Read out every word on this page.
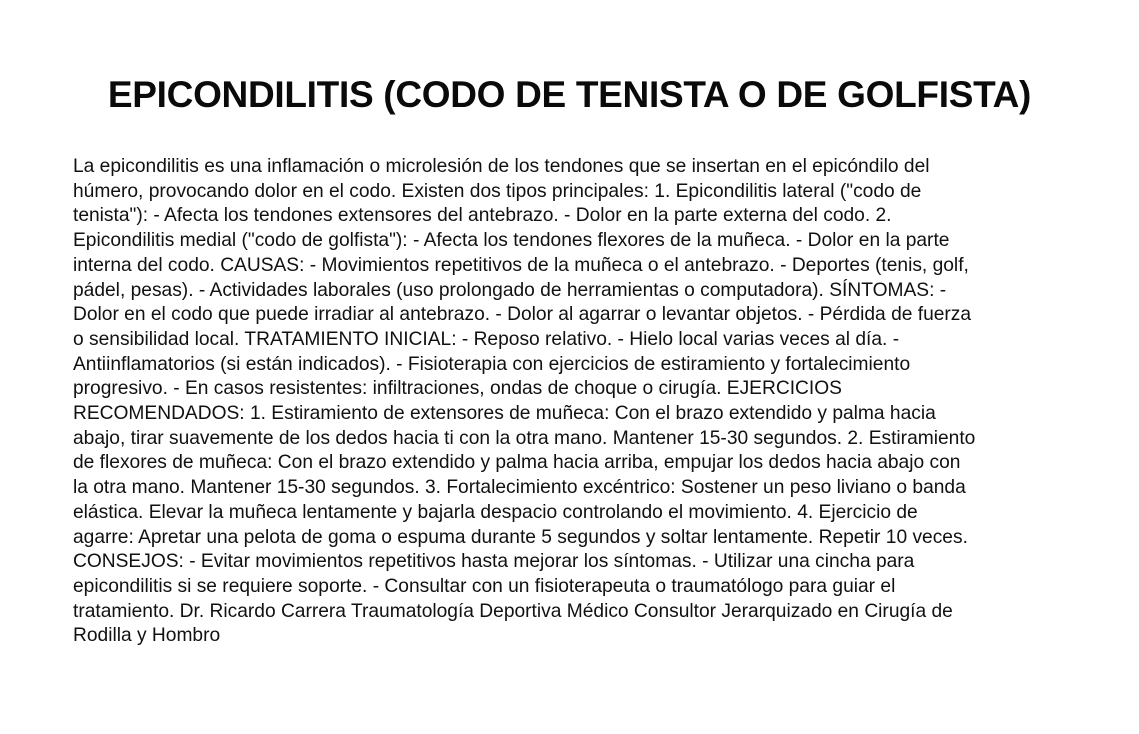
EPICONDILITIS (CODO DE TENISTA O DE GOLFISTA)
La epicondilitis es una inflamación o microlesión de los tendones que se insertan en el epicóndilo del
húmero, provocando dolor en el codo. Existen dos tipos principales: 1. Epicondilitis lateral ("codo de
tenista"): - Afecta los tendones extensores del antebrazo. - Dolor en la parte externa del codo. 2.
Epicondilitis medial ("codo de golfista"): - Afecta los tendones flexores de la muñeca. - Dolor en la parte
interna del codo. CAUSAS: - Movimientos repetitivos de la muñeca o el antebrazo. - Deportes (tenis, golf,
pádel, pesas). - Actividades laborales (uso prolongado de herramientas o computadora). SÍNTOMAS: -
Dolor en el codo que puede irradiar al antebrazo. - Dolor al agarrar o levantar objetos. - Pérdida de fuerza
o sensibilidad local. TRATAMIENTO INICIAL: - Reposo relativo. - Hielo local varias veces al día. -
Antiinflamatorios (si están indicados). - Fisioterapia con ejercicios de estiramiento y fortalecimiento
progresivo. - En casos resistentes: infiltraciones, ondas de choque o cirugía. EJERCICIOS
RECOMENDADOS: 1. Estiramiento de extensores de muñeca: Con el brazo extendido y palma hacia
abajo, tirar suavemente de los dedos hacia ti con la otra mano. Mantener 15-30 segundos. 2. Estiramiento
de flexores de muñeca: Con el brazo extendido y palma hacia arriba, empujar los dedos hacia abajo con
la otra mano. Mantener 15-30 segundos. 3. Fortalecimiento excéntrico: Sostener un peso liviano o banda
elástica. Elevar la muñeca lentamente y bajarla despacio controlando el movimiento. 4. Ejercicio de
agarre: Apretar una pelota de goma o espuma durante 5 segundos y soltar lentamente. Repetir 10 veces.
CONSEJOS: - Evitar movimientos repetitivos hasta mejorar los síntomas. - Utilizar una cincha para
epicondilitis si se requiere soporte. - Consultar con un fisioterapeuta o traumatólogo para guiar el
tratamiento. Dr. Ricardo Carrera Traumatología Deportiva Médico Consultor Jerarquizado en Cirugía de
Rodilla y Hombro
